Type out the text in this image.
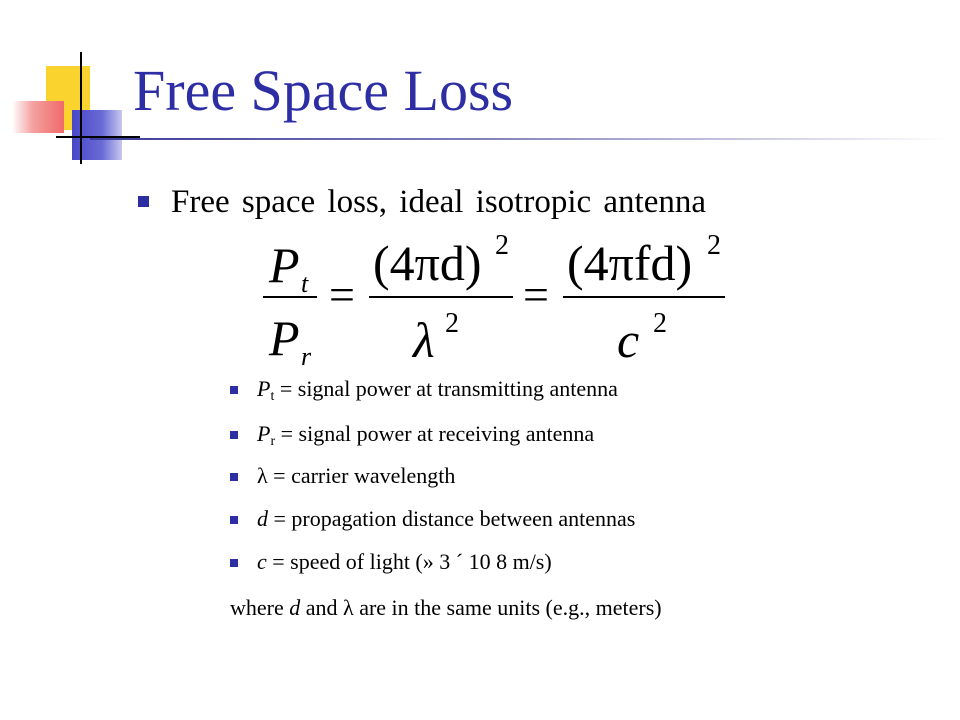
Free Space Loss
Free space loss, ideal isotropic antenna
P t
P r
=
(4πd) 2
λ 2
=
(4πfd) 2
c 2
$P_t$ = signal power at transmitting antenna
$P_r$ = signal power at receiving antenna
λ = carrier wavelength
d = propagation distance between antennas
c = speed of light (» 3 ´ 10 8 m/s)
where d and λ are in the same units (e.g., meters)
